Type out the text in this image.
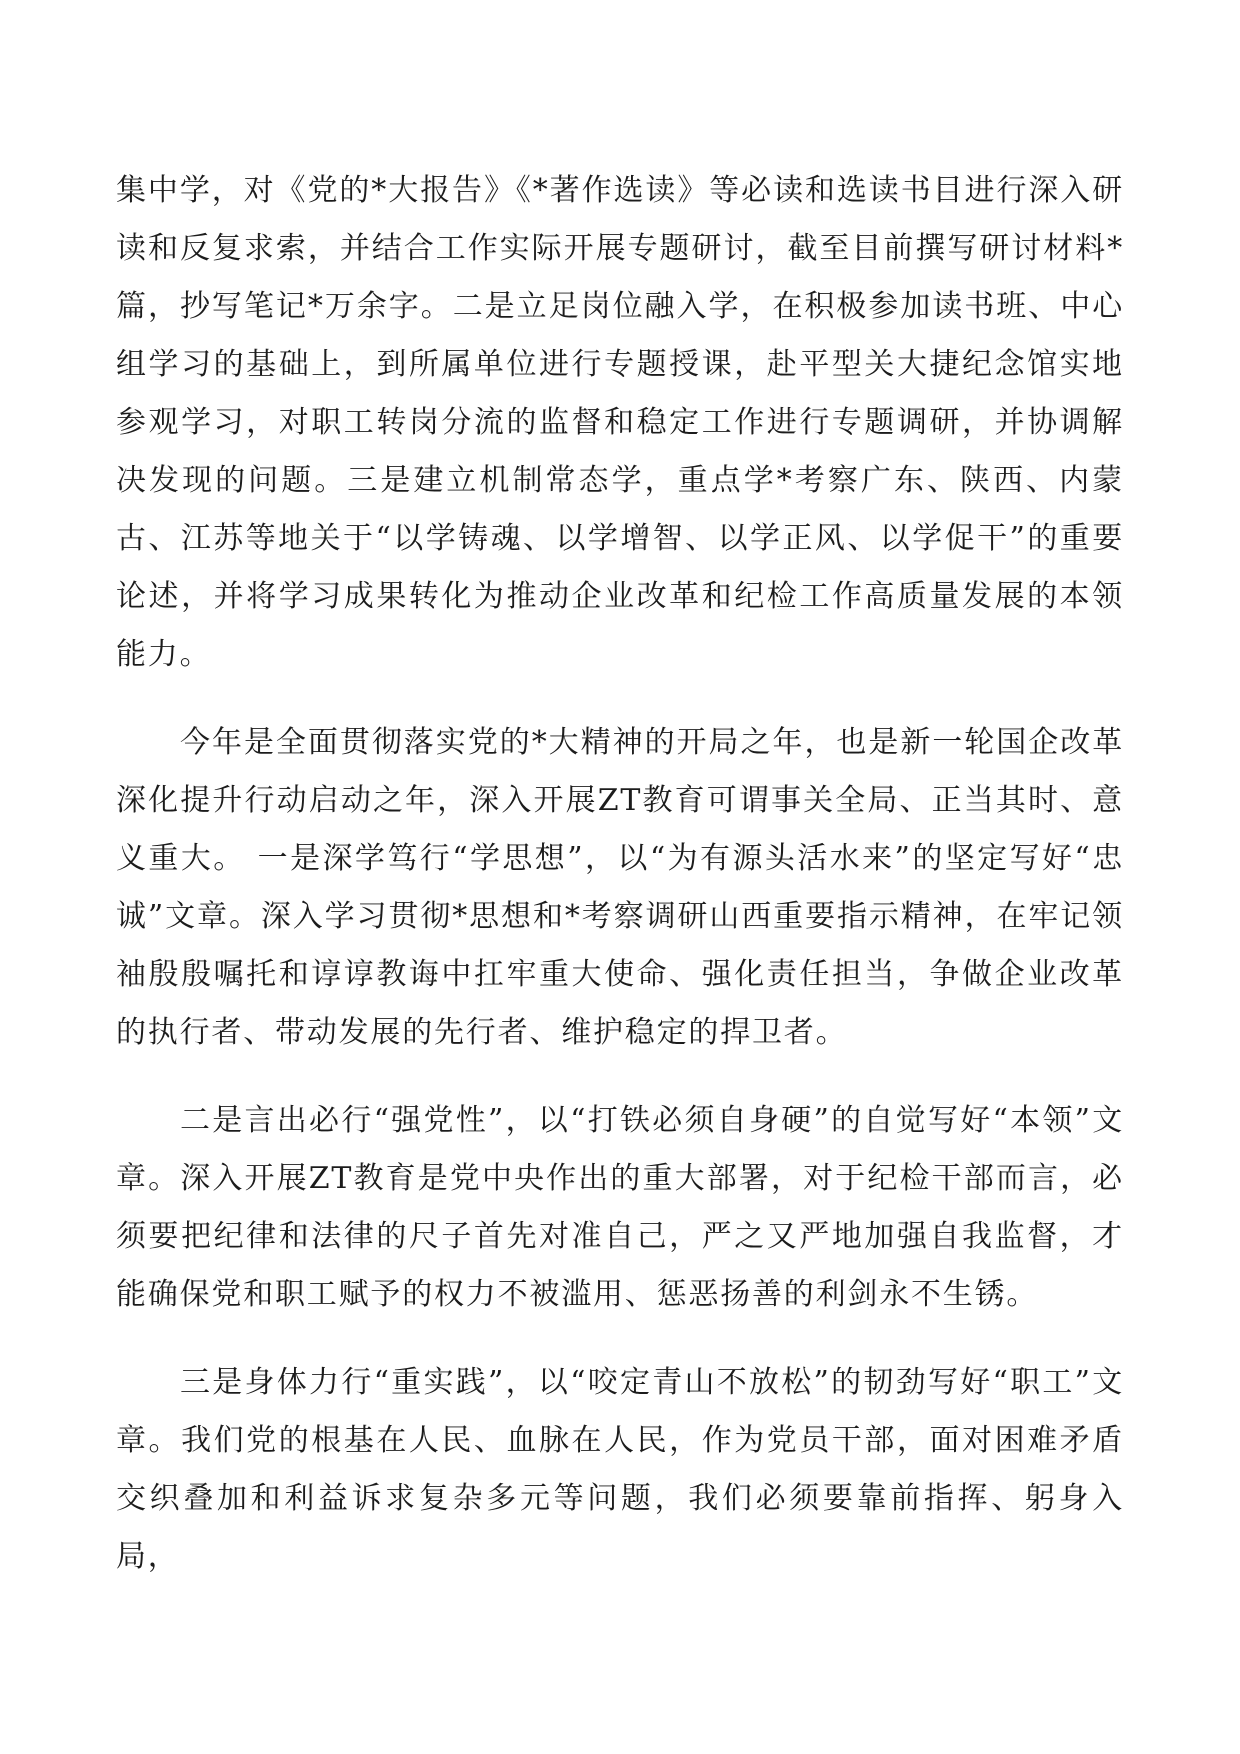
集中学，对《党的*大报告》《*著作选读》等必读和选读书目进行深入研读和反复求索，并结合工作实际开展专题研讨，截至目前撰写研讨材料*篇，抄写笔记*万余字。二是立足岗位融入学，在积极参加读书班、中心组学习的基础上，到所属单位进行专题授课，赴平型关大捷纪念馆实地参观学习，对职工转岗分流的监督和稳定工作进行专题调研，并协调解决发现的问题。三是建立机制常态学，重点学*考察广东、陕西、内蒙古、江苏等地关于“以学铸魂、以学增智、以学正风、以学促干”的重要论述，并将学习成果转化为推动企业改革和纪检工作高质量发展的本领能力。

今年是全面贯彻落实党的*大精神的开局之年，也是新一轮国企改革深化提升行动启动之年，深入开展ZT教育可谓事关全局、正当其时、意义重大。 一是深学笃行“学思想”，以“为有源头活水来”的坚定写好“忠诚”文章。深入学习贯彻*思想和*考察调研山西重要指示精神，在牢记领袖殷殷嘱托和谆谆教诲中扛牢重大使命、强化责任担当，争做企业改革的执行者、带动发展的先行者、维护稳定的捍卫者。

二是言出必行“强党性”，以“打铁必须自身硬”的自觉写好“本领”文章。深入开展ZT教育是党中央作出的重大部署，对于纪检干部而言，必须要把纪律和法律的尺子首先对准自己，严之又严地加强自我监督，才能确保党和职工赋予的权力不被滥用、惩恶扬善的利剑永不生锈。

三是身体力行“重实践”，以“咬定青山不放松”的韧劲写好“职工”文章。我们党的根基在人民、血脉在人民，作为党员干部，面对困难矛盾交织叠加和利益诉求复杂多元等问题，我们必须要靠前指挥、躬身入局，
